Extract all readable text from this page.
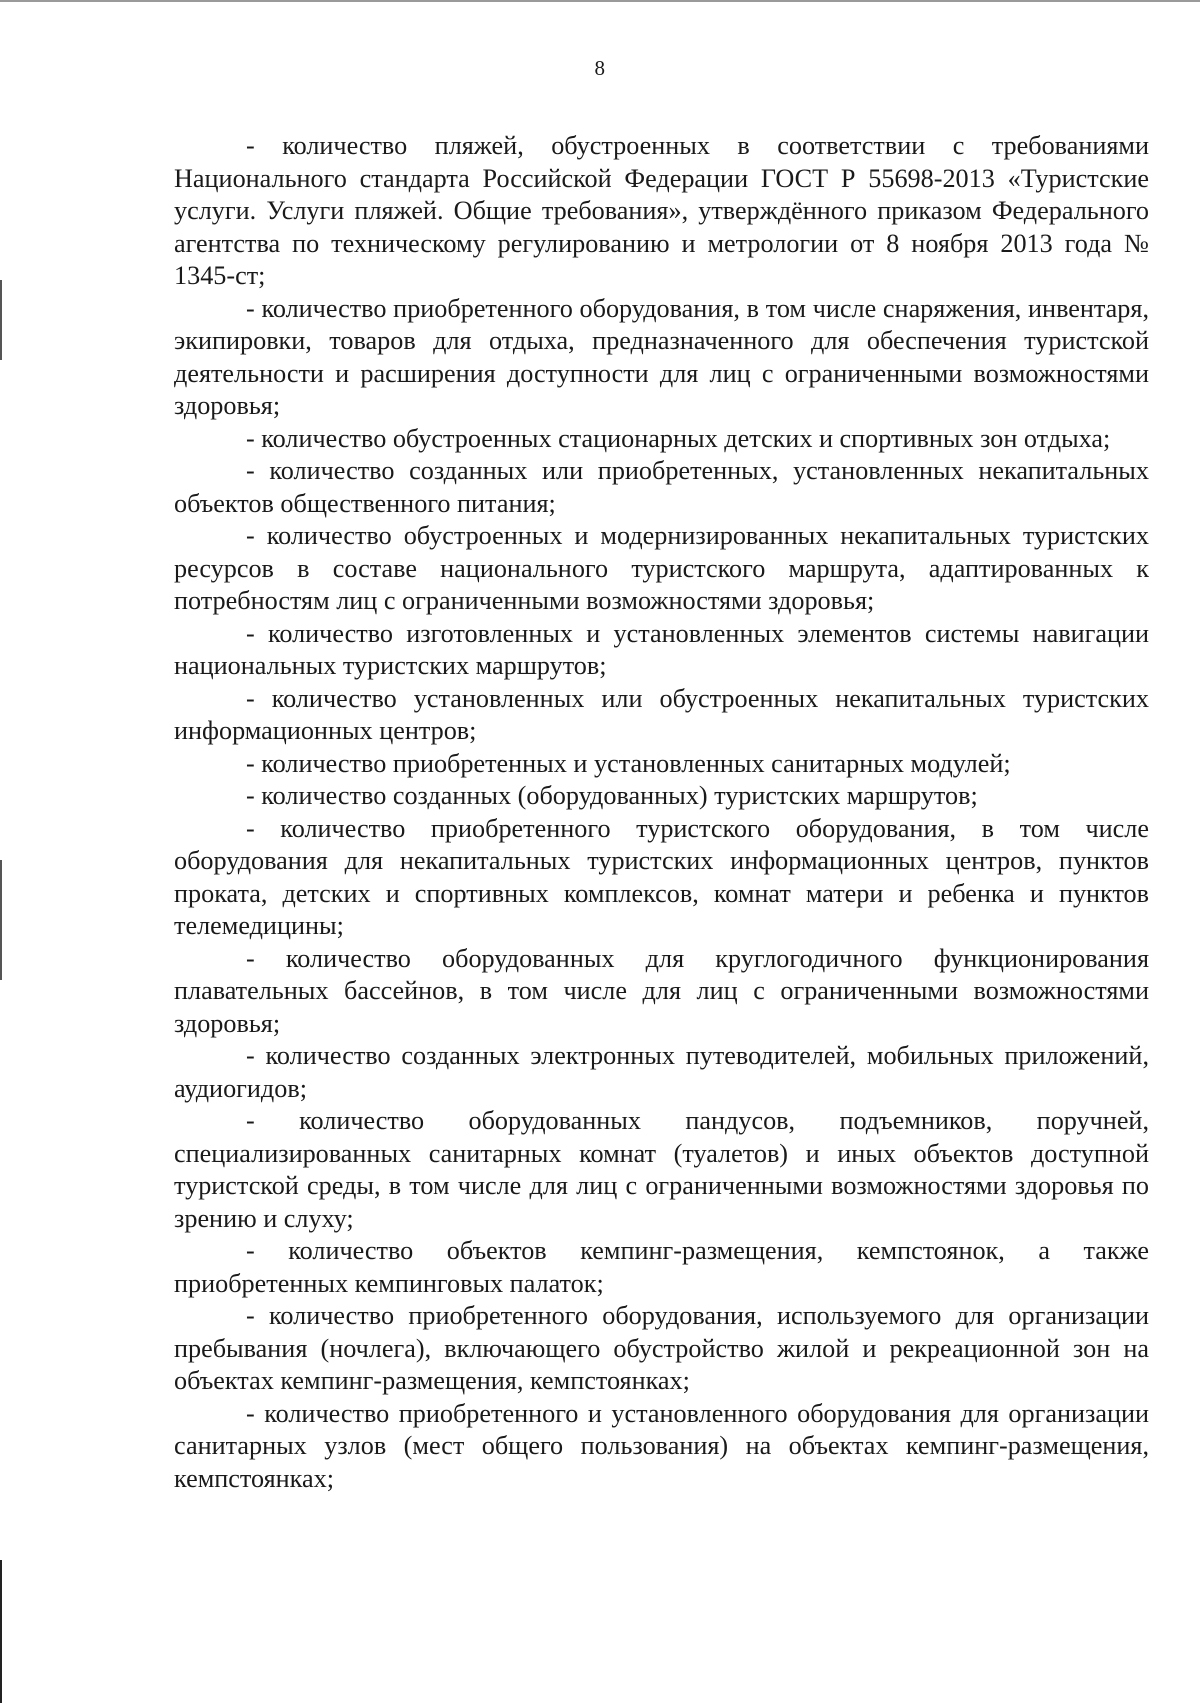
8

- количество пляжей, обустроенных в соответствии с требованиями Национального стандарта Российской Федерации ГОСТ Р 55698-2013 «Туристские услуги. Услуги пляжей. Общие требования», утверждённого приказом Федерального агентства по техническому регулированию и метрологии от 8 ноября 2013 года № 1345-ст;

- количество приобретенного оборудования, в том числе снаряжения, инвентаря, экипировки, товаров для отдыха, предназначенного для обеспечения туристской деятельности и расширения доступности для лиц с ограниченными возможностями здоровья;

- количество обустроенных стационарных детских и спортивных зон отдыха;

- количество созданных или приобретенных, установленных некапитальных объектов общественного питания;

- количество обустроенных и модернизированных некапитальных туристских ресурсов в составе национального туристского маршрута, адаптированных к потребностям лиц с ограниченными возможностями здоровья;

- количество изготовленных и установленных элементов системы навигации национальных туристских маршрутов;

- количество установленных или обустроенных некапитальных туристских информационных центров;

- количество приобретенных и установленных санитарных модулей;

- количество созданных (оборудованных) туристских маршрутов;

- количество приобретенного туристского оборудования, в том числе оборудования для некапитальных туристских информационных центров, пунктов проката, детских и спортивных комплексов, комнат матери и ребенка и пунктов телемедицины;

- количество оборудованных для круглогодичного функционирования плавательных бассейнов, в том числе для лиц с ограниченными возможностями здоровья;

- количество созданных электронных путеводителей, мобильных приложений, аудиогидов;

- количество оборудованных пандусов, подъемников, поручней, специализированных санитарных комнат (туалетов) и иных объектов доступной туристской среды, в том числе для лиц с ограниченными возможностями здоровья по зрению и слуху;

- количество объектов кемпинг-размещения, кемпстоянок, а также приобретенных кемпинговых палаток;

- количество приобретенного оборудования, используемого для организации пребывания (ночлега), включающего обустройство жилой и рекреационной зон на объектах кемпинг-размещения, кемпстоянках;

- количество приобретенного и установленного оборудования для организации санитарных узлов (мест общего пользования) на объектах кемпинг-размещения, кемпстоянках;
